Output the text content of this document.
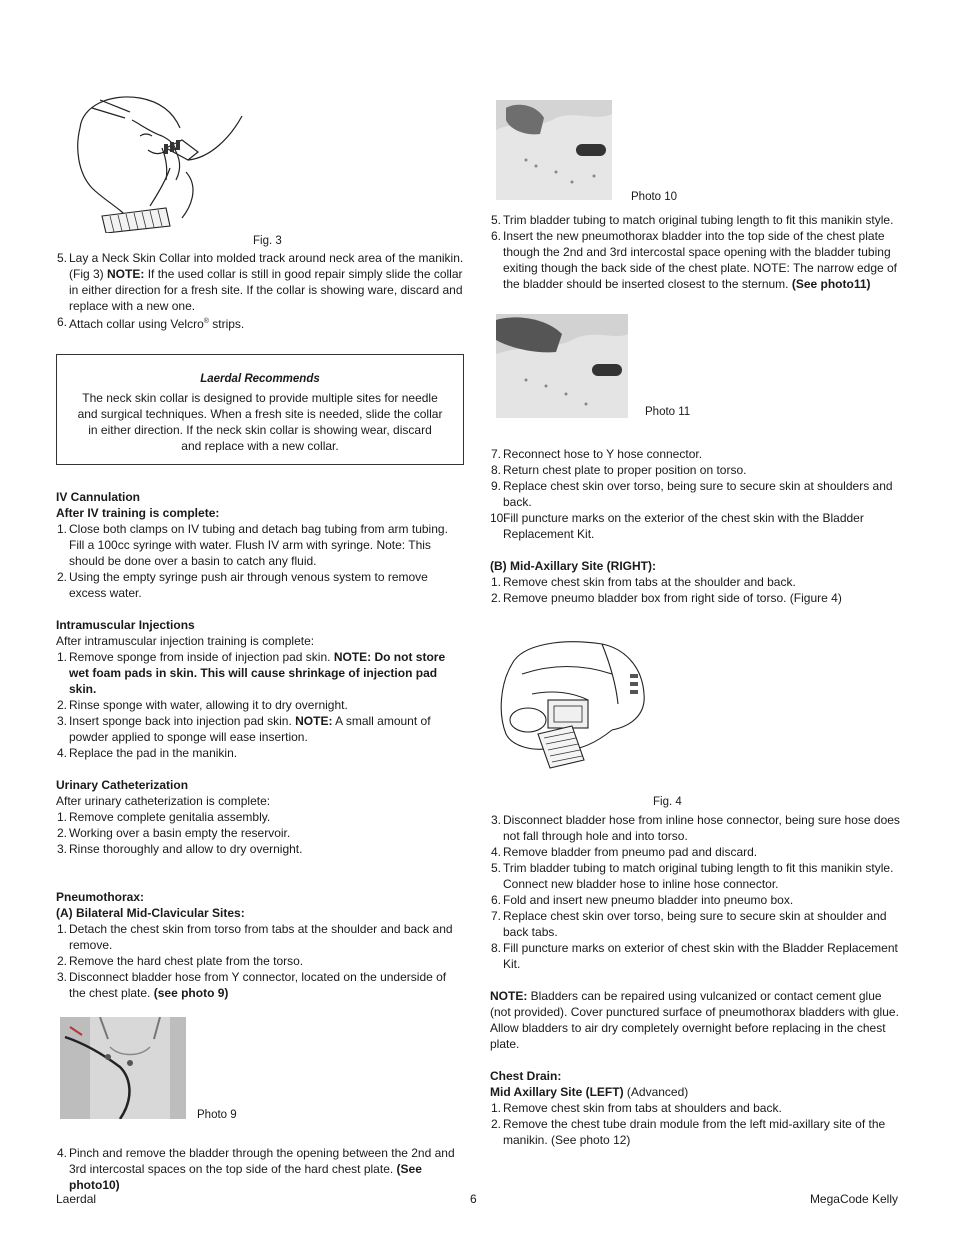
Fig. 3
5. Lay a Neck Skin Collar into molded track around neck area of the manikin. (Fig 3) NOTE: If the used collar is still in good repair simply slide the collar in either direction for a fresh site. If the collar is showing ware, discard and replace with a new one.
6. Attach collar using Velcro® strips.
Laerdal Recommends
The neck skin collar is designed to provide multiple sites for needle and surgical techniques. When a fresh site is needed, slide the collar in either direction. If the neck skin collar is showing wear, discard and replace with a new collar.

IV Cannulation

After IV training is complete:

1. Close both clamps on IV tubing and detach bag tubing from arm tubing. Fill a 100cc syringe with water. Flush IV arm with syringe. Note: This should be done over a basin to catch any fluid.
2. Using the empty syringe push air through venous system to remove excess water.

Intramuscular Injections

After intramuscular injection training is complete:

1. Remove sponge from inside of injection pad skin. NOTE: Do not store wet foam pads in skin. This will cause shrinkage of injection pad skin.
2. Rinse sponge with water, allowing it to dry overnight.
3. Insert sponge back into injection pad skin. NOTE: A small amount of powder applied to sponge will ease insertion.
4. Replace the pad in the manikin.

Urinary Catheterization

After urinary catheterization is complete:

1. Remove complete genitalia assembly.
2. Working over a basin empty the reservoir.
3. Rinse thoroughly and allow to dry overnight.

Pneumothorax:

(A) Bilateral Mid-Clavicular Sites:

1. Detach the chest skin from torso from tabs at the shoulder and back and remove.
2. Remove the hard chest plate from the torso.
3. Disconnect bladder hose from Y connector, located on the underside of the chest plate. (see photo 9)
Photo 9
4. Pinch and remove the bladder through the opening between the 2nd and 3rd intercostal spaces on the top side of the hard chest plate. (See photo10)
Photo 10
5. Trim bladder tubing to match original tubing length to fit this manikin style.
6. Insert the new pneumothorax bladder into the top side of the chest plate though the 2nd and 3rd intercostal space opening with the bladder tubing exiting though the back side of the chest plate. NOTE: The narrow edge of the bladder should be inserted closest to the sternum. (See photo11)
Photo 11
7. Reconnect hose to Y hose connector.
8. Return chest plate to proper position on torso.
9. Replace chest skin over torso, being sure to secure skin at shoulders and back.
10.
Fill puncture marks on the exterior of the chest skin with the Bladder Replacement Kit.

(B) Mid-Axillary Site (RIGHT):

1. Remove chest skin from tabs at the shoulder and back.
2. Remove pneumo bladder box from right side of torso. (Figure 4)
Fig. 4
3. Disconnect bladder hose from inline hose connector, being sure hose does not fall through hole and into torso.
4. Remove bladder from pneumo pad and discard.
5. Trim bladder tubing to match original tubing length to fit this manikin style. Connect new bladder hose to inline hose connector.
6. Fold and insert new pneumo bladder into pneumo box.
7. Replace chest skin over torso, being sure to secure skin at shoulder and back tabs.
8. Fill puncture marks on exterior of chest skin with the Bladder Replacement Kit.

NOTE: Bladders can be repaired using vulcanized or contact cement glue (not provided). Cover punctured surface of pneumothorax bladders with glue. Allow bladders to air dry completely overnight before replacing in the chest plate.

Chest Drain:

Mid Axillary Site (LEFT) (Advanced)

1. Remove chest skin from tabs at shoulders and back.
2. Remove the chest tube drain module from the left mid-axillary site of the manikin. (See photo 12)
Laerdal	6	MegaCode Kelly
